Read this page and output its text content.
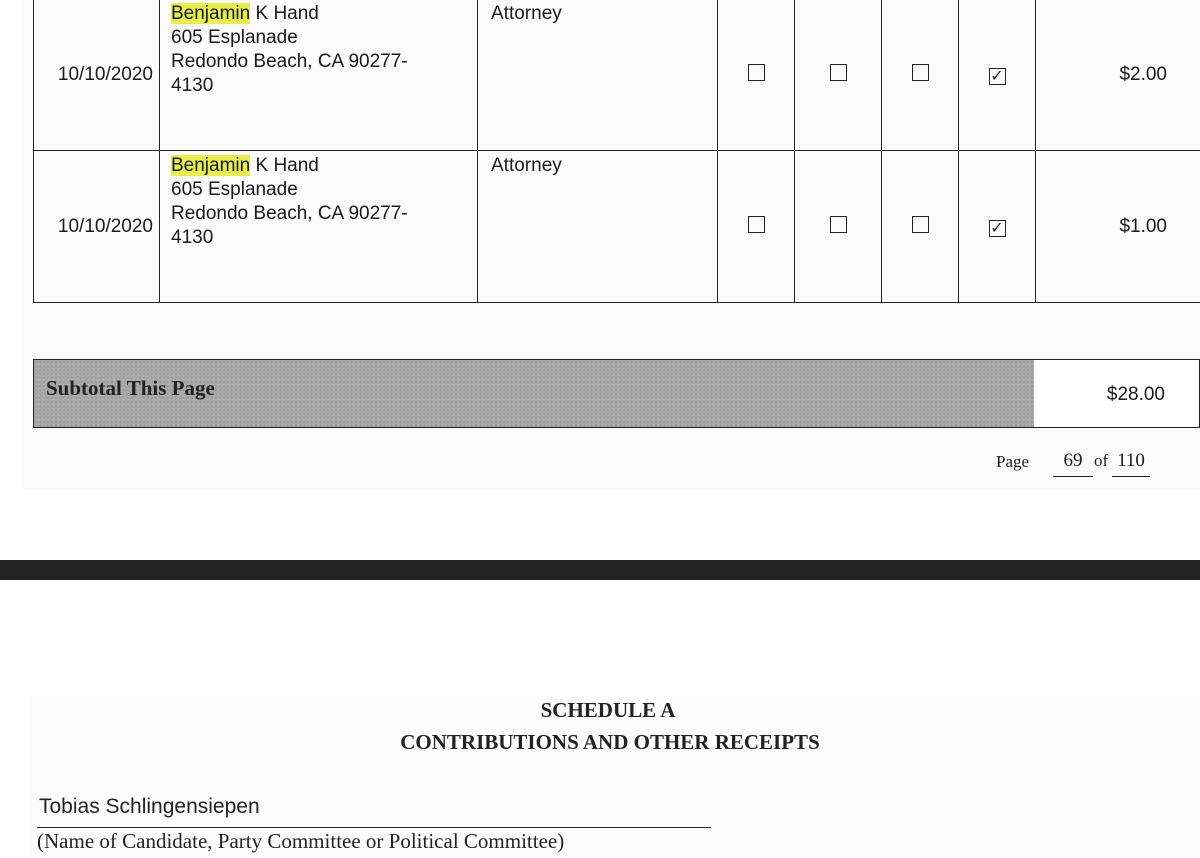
10/10/2020	Benjamin K Hand
605 Esplanade
Redondo Beach, CA 90277-
4130	Attorney				✓	$2.00
10/10/2020	Benjamin K Hand
605 Esplanade
Redondo Beach, CA 90277-
4130	Attorney				✓	$1.00
Subtotal This Page	$28.00
Page	69 of 110
SCHEDULE A
CONTRIBUTIONS AND OTHER RECEIPTS
Tobias Schlingensiepen
(Name of Candidate, Party Committee or Political Committee)
